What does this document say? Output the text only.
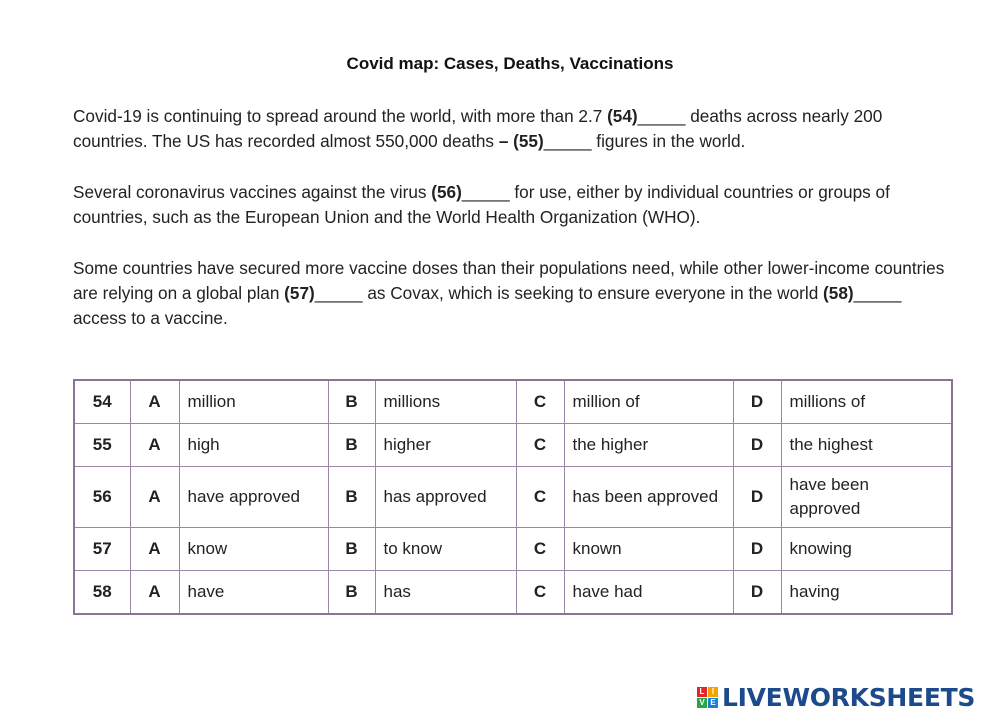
Covid map: Cases, Deaths, Vaccinations
Covid-19 is continuing to spread around the world, with more than 2.7 (54)_____ deaths across nearly 200 countries. The US has recorded almost 550,000 deaths – (55)_____ figures in the world.
Several coronavirus vaccines against the virus (56)_____ for use, either by individual countries or groups of countries, such as the European Union and the World Health Organization (WHO).
Some countries have secured more vaccine doses than their populations need, while other lower-income countries are relying on a global plan (57)_____ as Covax, which is seeking to ensure everyone in the world (58)_____ access to a vaccine.
54	A	million	B	millions	C	million of	D	millions of
55	A	high	B	higher	C	the higher	D	the highest
56	A	have approved	B	has approved	C	has been approved	D	have been approved
57	A	know	B	to know	C	known	D	knowing
58	A	have	B	has	C	have had	D	having
L I
V E LIVEWORKSHEETS
